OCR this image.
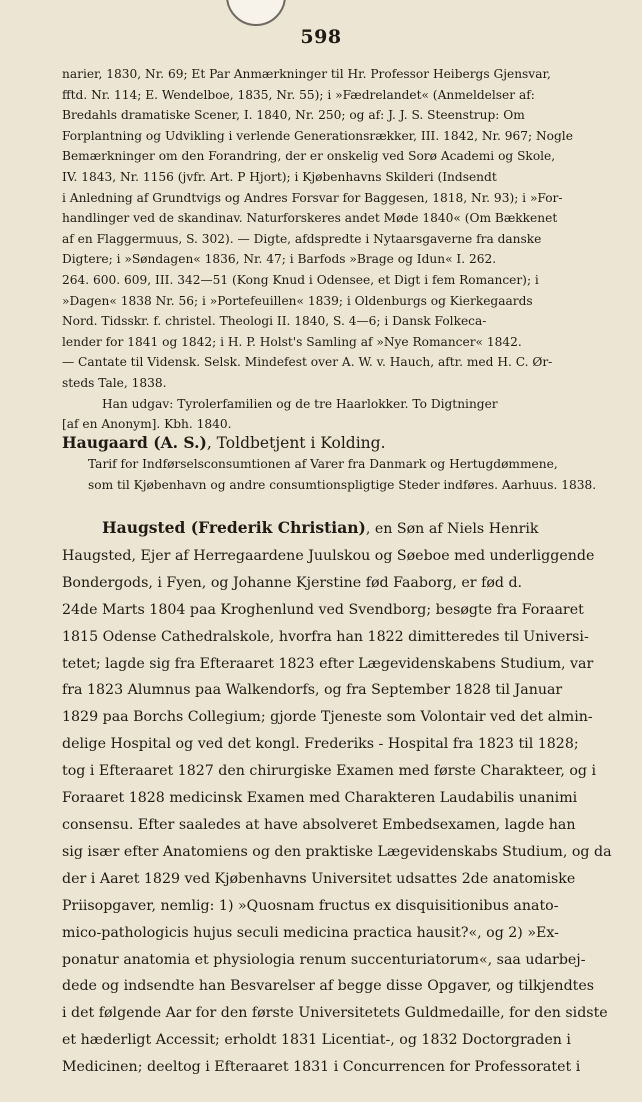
598
narier, 1830, Nr. 69; Et Par Anmærkninger til Hr. Professor Heibergs Gjensvar,
fftd. Nr. 114; E. Wendelboe, 1835, Nr. 55); i »Fædrelandet« (Anmeldelser af:
Bredahls dramatiske Scener, I. 1840, Nr. 250; og af: J. J. S. Steenstrup: Om
Forplantning og Udvikling i verlende Generationsrækker, III. 1842, Nr. 967; Nogle
Bemærkninger om den Forandring, der er onskelig ved Sorø Academi og Skole,
IV. 1843, Nr. 1156 (jvfr. Art. P Hjort); i Kjøbenhavns Skilderi (Indsendt
i Anledning af Grundtvigs og Andres Forsvar for Baggesen, 1818, Nr. 93); i »For-
handlinger ved de skandinav. Naturforskeres andet Møde 1840« (Om Bækkenet
af en Flaggermuus, S. 302). — Digte, afdspredte i Nytaarsgaverne fra danske
Digtere; i »Søndagen« 1836, Nr. 47; i Barfods »Brage og Idun« I. 262.
264. 600. 609, III. 342—51 (Kong Knud i Odensee, et Digt i fem Romancer); i
»Dagen« 1838 Nr. 56; i »Portefeuillen« 1839; i Oldenburgs og Kierkegaards
Nord. Tidsskr. f. christel. Theologi II. 1840, S. 4—6; i Dansk Folkeca-
lender for 1841 og 1842; i H. P. Holst's Samling af »Nye Romancer« 1842.
— Cantate til Vidensk. Selsk. Mindefest over A. W. v. Hauch, aftr. med H. C. Ør-
steds Tale, 1838.
Han udgav: Tyrolerfamilien og de tre Haarlokker. To Digtninger
[af en Anonym]. Kbh. 1840.
Haugaard (A. S.), Toldbetjent i Kolding.
Tarif for Indførselsconsumtionen af Varer fra Danmark og Hertugdømmene,
som til Kjøbenhavn og andre consumtionspligtige Steder indføres. Aarhuus. 1838.
Haugsted (Frederik Christian), en Søn af Niels Henrik
Haugsted, Ejer af Herregaardene Juulskou og Søeboe med underliggende
Bondergods, i Fyen, og Johanne Kjerstine fød Faaborg, er fød d.
24de Marts 1804 paa Kroghenlund ved Svendborg; besøgte fra Foraaret
1815 Odense Cathedralskole, hvorfra han 1822 dimitteredes til Universi-
tetet; lagde sig fra Efteraaret 1823 efter Lægevidenskabens Studium, var
fra 1823 Alumnus paa Walkendorfs, og fra September 1828 til Januar
1829 paa Borchs Collegium; gjorde Tjeneste som Volontair ved det almin-
delige Hospital og ved det kongl. Frederiks - Hospital fra 1823 til 1828;
tog i Efteraaret 1827 den chirurgiske Examen med første Charakteer, og i
Foraaret 1828 medicinsk Examen med Charakteren Laudabilis unanimi
consensu. Efter saaledes at have absolveret Embedsexamen, lagde han
sig især efter Anatomiens og den praktiske Lægevidenskabs Studium, og da
der i Aaret 1829 ved Kjøbenhavns Universitet udsattes 2de anatomiske
Priisopgaver, nemlig: 1) »Quosnam fructus ex disquisitionibus anato-
mico-pathologicis hujus seculi medicina practica hausit?«, og 2) »Ex-
ponatur anatomia et physiologia renum succenturiatorum«, saa udarbej-
dede og indsendte han Besvarelser af begge disse Opgaver, og tilkjendtes
i det følgende Aar for den første Universitetets Guldmedaille, for den sidste
et hæderligt Accessit; erholdt 1831 Licentiat-, og 1832 Doctorgraden i
Medicinen; deeltog i Efteraaret 1831 i Concurrencen for Professoratet i
